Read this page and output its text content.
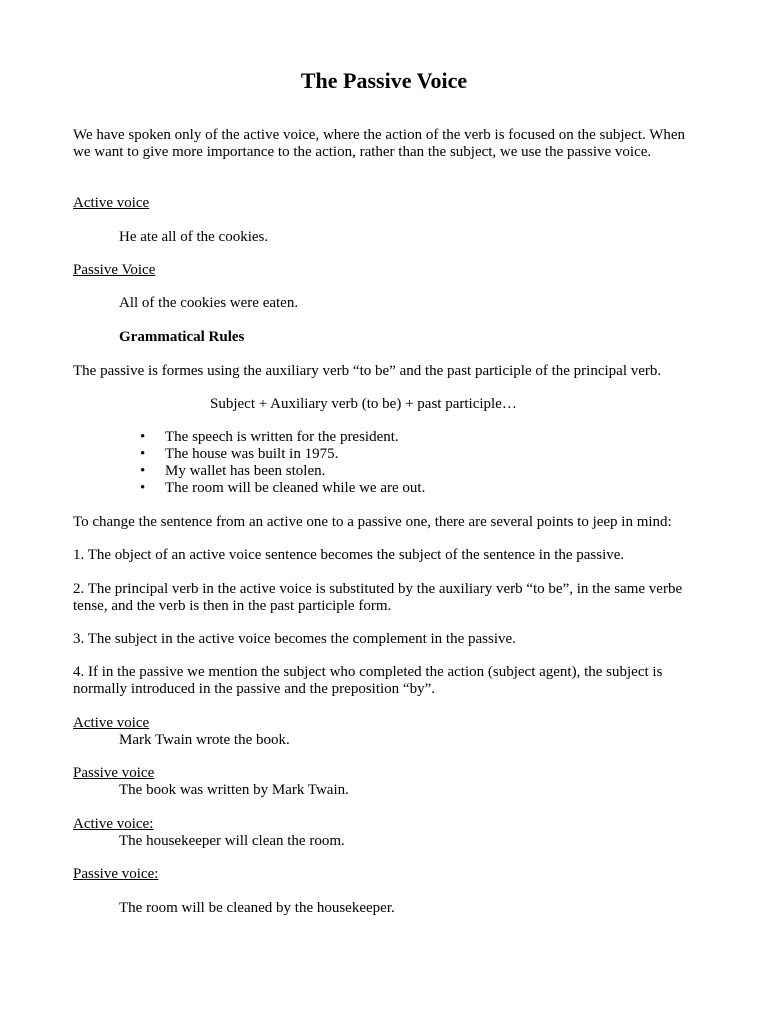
The Passive Voice
We have spoken only of the active voice, where the action of the verb is focused on the subject. When we want to give more importance to the action, rather than the subject, we use the passive voice.
Active voice
He ate all of the cookies.
Passive Voice
All of the cookies were eaten.
Grammatical Rules
The passive is formes using the auxiliary verb “to be” and the past participle of the principal verb.
Subject + Auxiliary verb (to be) + past participle…
• The speech is written for the president.
• The house was built in 1975.
• My wallet has been stolen.
• The room will be cleaned while we are out.
To change the sentence from an active one to a passive one, there are several points to jeep in mind:
1. The object of an active voice sentence becomes the subject of the sentence in the passive.
2. The principal verb in the active voice is substituted by the auxiliary verb “to be”, in the same verbe tense, and the verb is then in the past participle form.
3. The subject in the active voice becomes the complement in the passive.
4. If in the passive we mention the subject who completed the action (subject agent), the subject is normally introduced in the passive and the preposition “by”.
Active voice
Mark Twain wrote the book.
Passive voice
The book was written by Mark Twain.
Active voice:
The housekeeper will clean the room.
Passive voice:
The room will be cleaned by the housekeeper.
